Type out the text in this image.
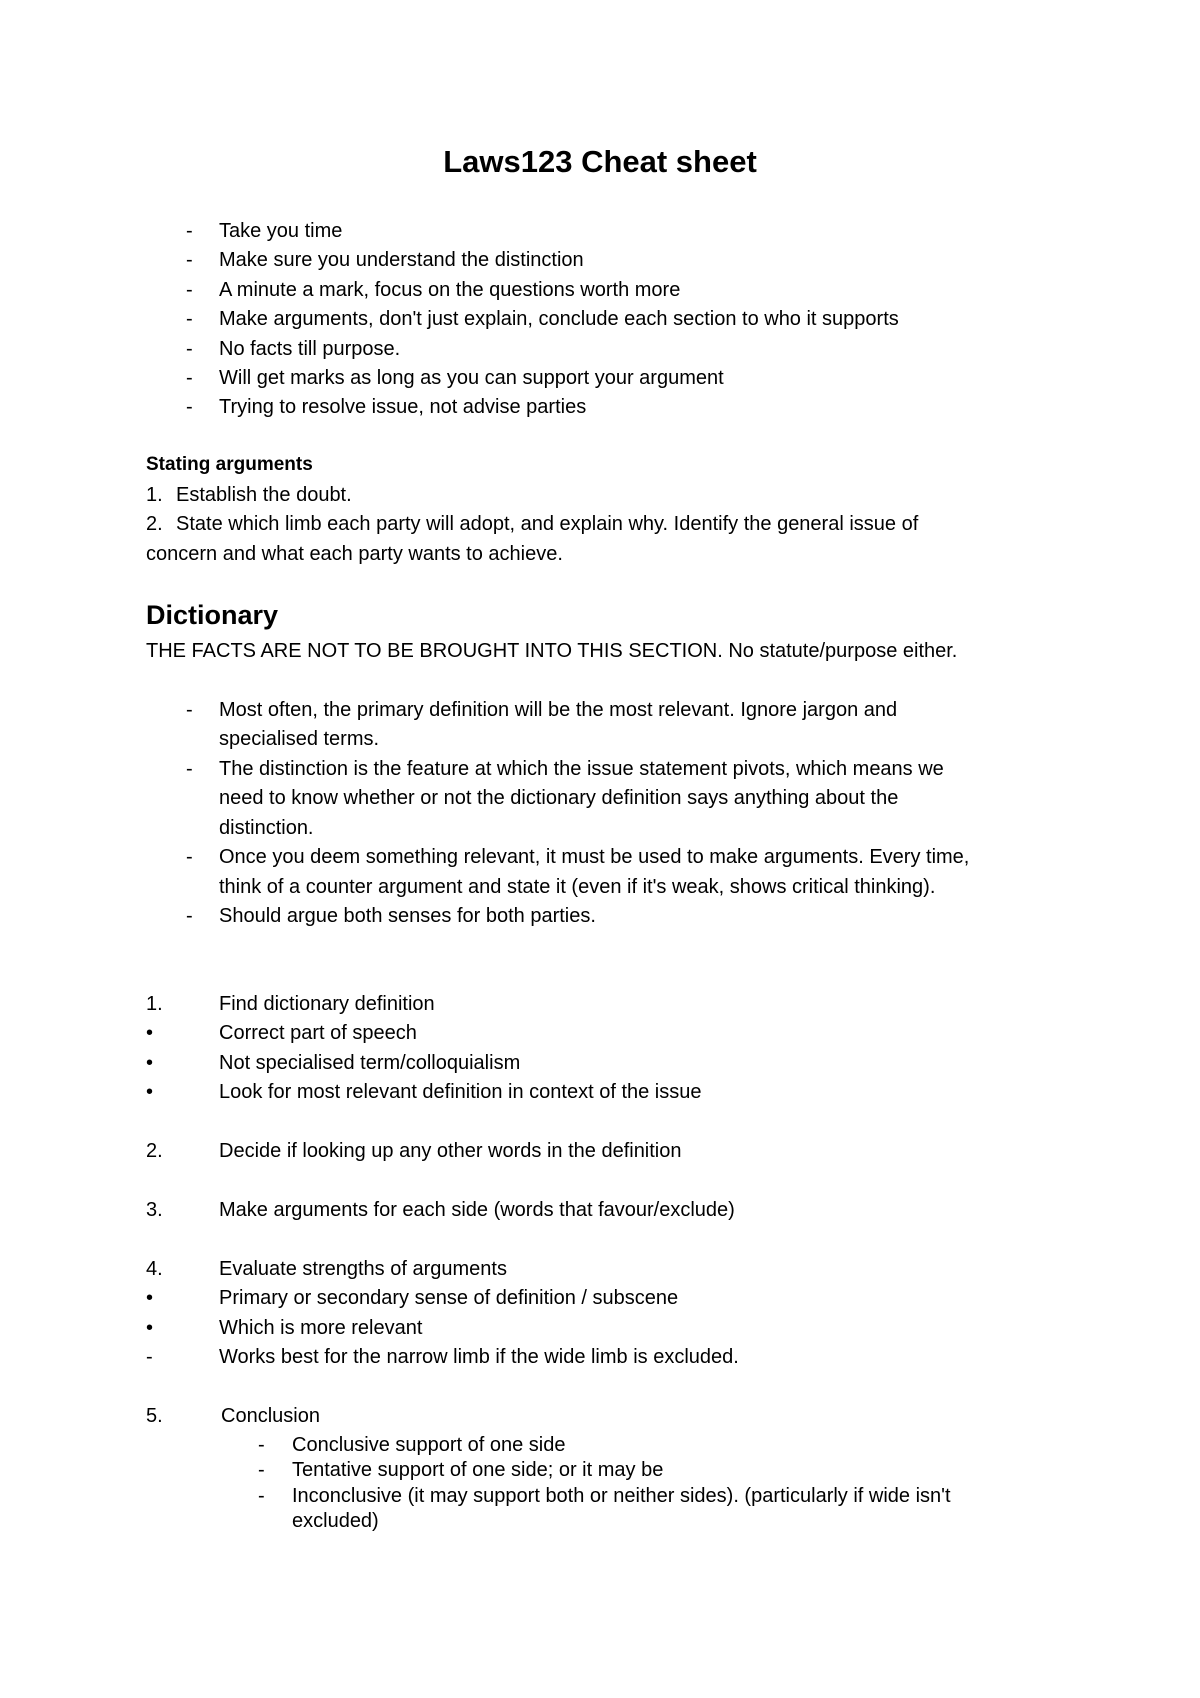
Laws123 Cheat sheet
- Take you time
- Make sure you understand the distinction
- A minute a mark, focus on the questions worth more
- Make arguments, don't just explain, conclude each section to who it supports
- No facts till purpose.
- Will get marks as long as you can support your argument
- Trying to resolve issue, not advise parties
Stating arguments
1. Establish the doubt.
2. State which limb each party will adopt, and explain why. Identify the general issue of
concern and what each party wants to achieve.
Dictionary
THE FACTS ARE NOT TO BE BROUGHT INTO THIS SECTION. No statute/purpose either.
- Most often, the primary definition will be the most relevant. Ignore jargon and
specialised terms.
- The distinction is the feature at which the issue statement pivots, which means we
need to know whether or not the dictionary definition says anything about the
distinction.
- Once you deem something relevant, it must be used to make arguments. Every time,
think of a counter argument and state it (even if it's weak, shows critical thinking).
- Should argue both senses for both parties.
1.	Find dictionary definition
•	Correct part of speech
•	Not specialised term/colloquialism
•	Look for most relevant definition in context of the issue
2.	Decide if looking up any other words in the definition
3.	Make arguments for each side (words that favour/exclude)
4.	Evaluate strengths of arguments
•	Primary or secondary sense of definition / subscene
•	Which is more relevant
-	Works best for the narrow limb if the wide limb is excluded.
5.	Conclusion
- Conclusive support of one side
- Tentative support of one side; or it may be
- Inconclusive (it may support both or neither sides). (particularly if wide isn't
excluded)
